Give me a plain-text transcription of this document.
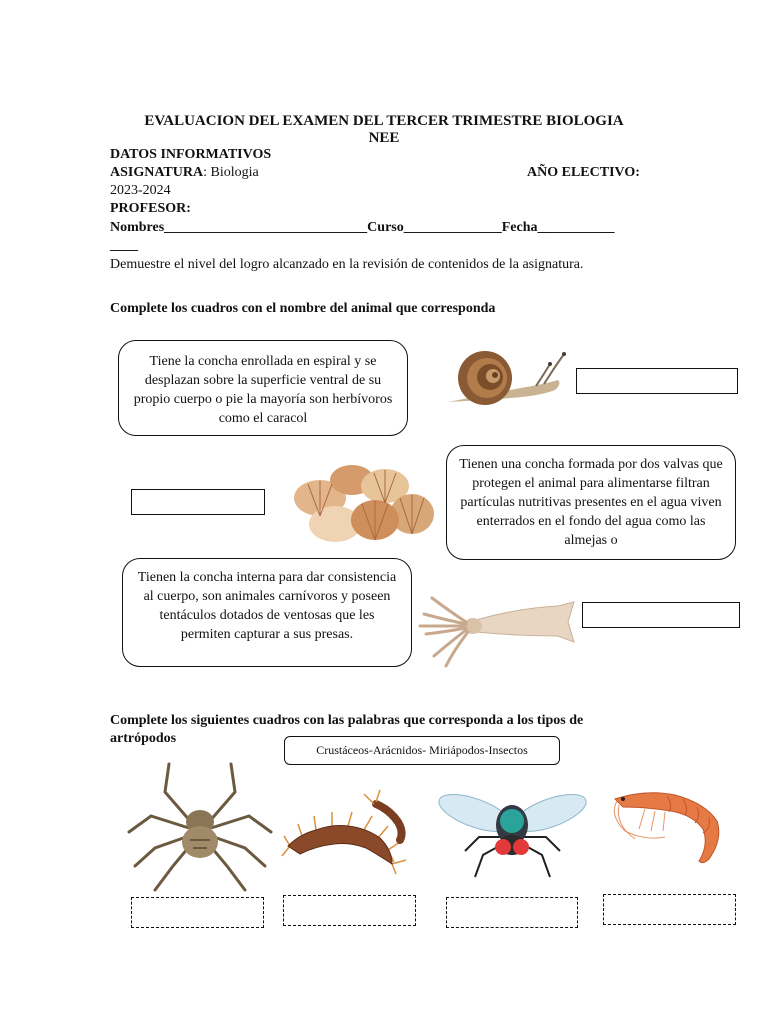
EVALUACION DEL EXAMEN DEL TERCER TRIMESTRE BIOLOGIA
NEE
DATOS INFORMATIVOS
ASIGNATURA: Biologia	AÑO ELECTIVO:
2023-2024
PROFESOR:
Nombres_____________________________Curso______________Fecha___________
____
Demuestre el nivel del logro alcanzado en la revisión de contenidos de la asignatura.
Complete los cuadros con el nombre del animal que corresponda
Tiene la concha enrollada en espiral y se desplazan sobre la superficie ventral de su propio cuerpo o pie la mayoría son herbívoros como el caracol
Tienen una concha formada por dos valvas que protegen el animal para alimentarse filtran partículas nutritivas presentes en el agua viven enterrados en el fondo del agua como las almejas o
Tienen la concha interna para dar consistencia al cuerpo, son animales carnívoros y poseen tentáculos dotados de ventosas que les permiten capturar a sus presas.
Complete los siguientes cuadros con las palabras que corresponda a los tipos de artrópodos
Crustáceos-Arácnidos- Miriápodos-Insectos
